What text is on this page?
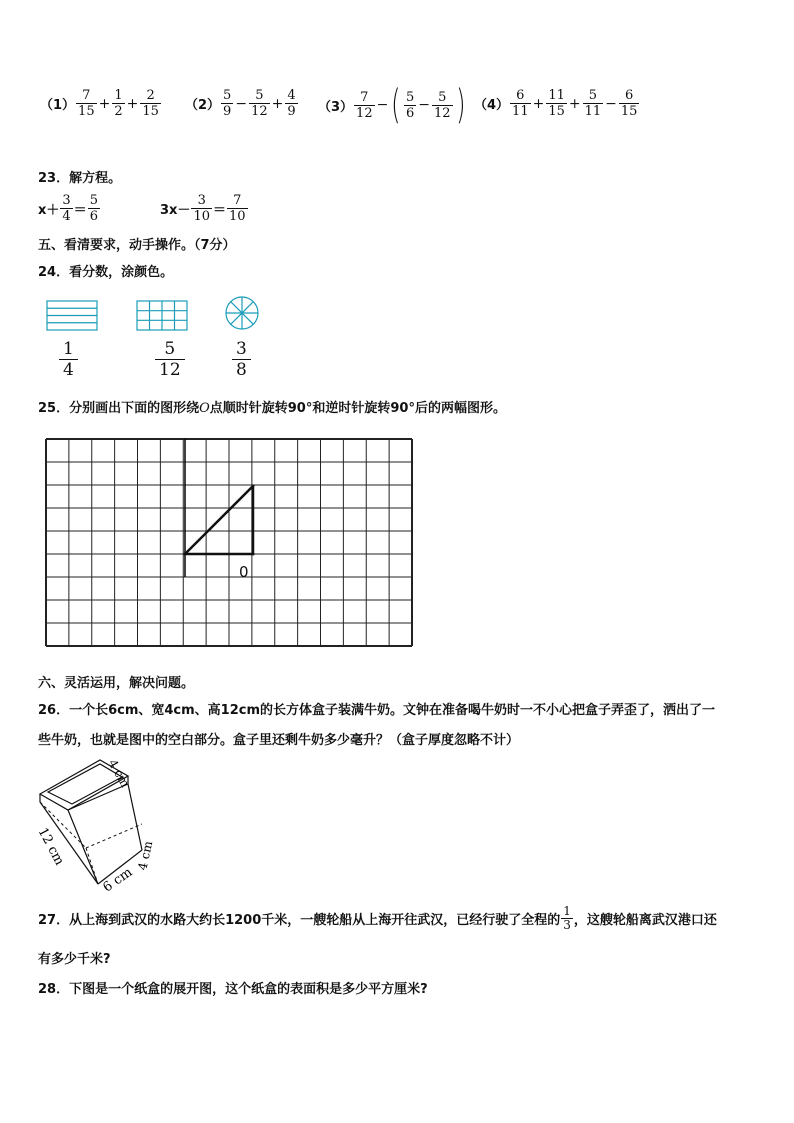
$(1) \frac{7}{15} + \frac{1}{2} + \frac{2}{15} (2) \frac{5}{9} - \frac{5}{12} + \frac{4}{9} (3) \frac{7}{12}$ − ( $\frac{5}{6} - \frac{5}{12}$ ) $(4) \frac{6}{11} + \frac{11}{15} + \frac{5}{11} - \frac{6}{15}$
23．解方程。
$x+ \frac{3}{4} = \frac{5}{6}$	$3x- \frac{3}{10} = \frac{7}{10}$
五、看清要求，动手操作。（7分）
24．看分数，涂颜色。
$\frac{1}{4}$	$\frac{5}{12}$	$\frac{3}{8}$
25．分别画出下面的图形绕O点顺时针旋转90°和逆时针旋转90°后的两幅图形。
0
六、灵活运用，解决问题。
26．一个长6cm、宽4cm、高12cm的长方体盒子装满牛奶。文钟在准备喝牛奶时一不小心把盒子弄歪了，洒出了一
些牛奶，也就是图中的空白部分。盒子里还剩牛奶多少毫升？（盒子厚度忽略不计）
4 cm
12 cm
6 cm
4 cm
27．从上海到武汉的水路大约长1200千米，一艘轮船从上海开往武汉，已经行驶了全程的 $\frac{1}{3}$ ，这艘轮船离武汉港口还
有多少千米?
28．下图是一个纸盒的展开图，这个纸盒的表面积是多少平方厘米?
